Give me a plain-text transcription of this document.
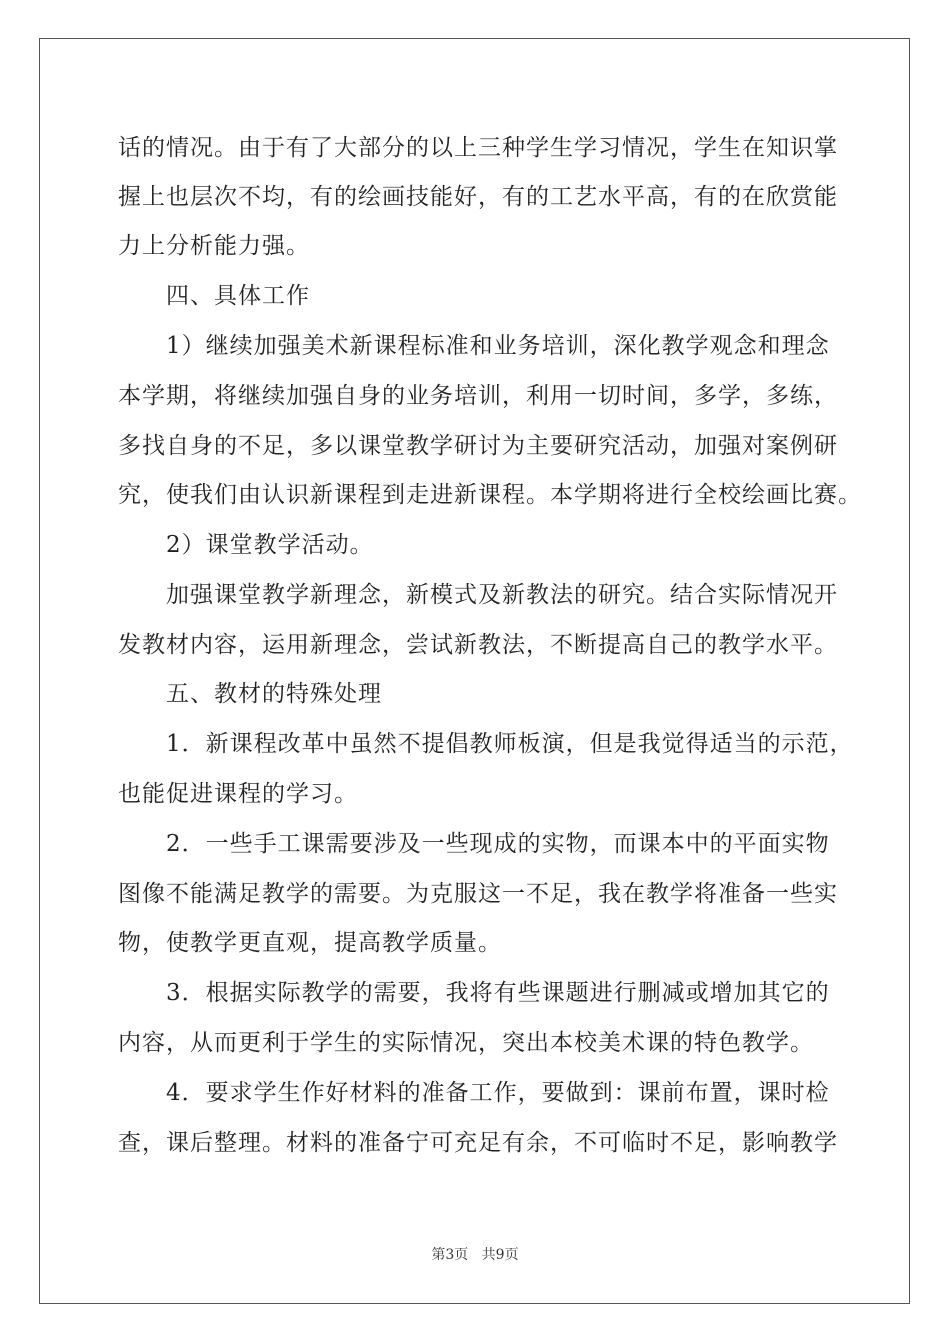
话的情况。由于有了大部分的以上三种学生学习情况，学生在知识掌
握上也层次不均，有的绘画技能好，有的工艺水平高，有的在欣赏能
力上分析能力强。
四、具体工作
1）继续加强美术新课程标准和业务培训，深化教学观念和理念
本学期，将继续加强自身的业务培训，利用一切时间，多学，多练，
多找自身的不足，多以课堂教学研讨为主要研究活动，加强对案例研
究，使我们由认识新课程到走进新课程。本学期将进行全校绘画比赛。
2）课堂教学活动。
加强课堂教学新理念，新模式及新教法的研究。结合实际情况开
发教材内容，运用新理念，尝试新教法，不断提高自己的教学水平。
五、教材的特殊处理
1．新课程改革中虽然不提倡教师板演，但是我觉得适当的示范，
也能促进课程的学习。
2．一些手工课需要涉及一些现成的实物，而课本中的平面实物
图像不能满足教学的需要。为克服这一不足，我在教学将准备一些实
物，使教学更直观，提高教学质量。
3．根据实际教学的需要，我将有些课题进行删减或增加其它的
内容，从而更利于学生的实际情况，突出本校美术课的特色教学。
4．要求学生作好材料的准备工作，要做到：课前布置，课时检
查，课后整理。材料的准备宁可充足有余，不可临时不足，影响教学
第3页 共9页
